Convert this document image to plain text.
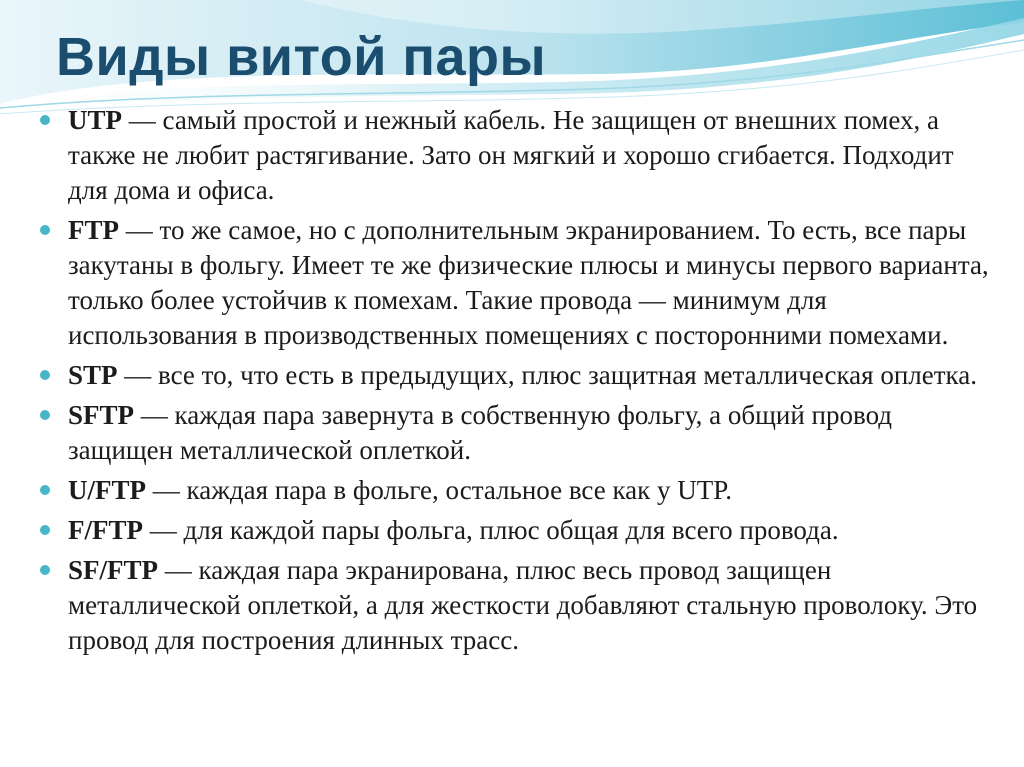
Виды витой пары
UTP — самый простой и нежный кабель. Не защищен от внешних помех, а также не любит растягивание. Зато он мягкий и хорошо сгибается. Подходит для дома и офиса.
FTP — то же самое, но с дополнительным экранированием. То есть, все пары закутаны в фольгу. Имеет те же физические плюсы и минусы первого варианта, только более устойчив к помехам. Такие провода — минимум для использования в производственных помещениях с посторонними помехами.
STP — все то, что есть в предыдущих, плюс защитная металлическая оплетка.
SFTP — каждая пара завернута в собственную фольгу, а общий провод защищен металлической оплеткой.
U/FTP — каждая пара в фольге, остальное все как у UTP.
F/FTP — для каждой пары фольга, плюс общая для всего провода.
SF/FTP — каждая пара экранирована, плюс весь провод защищен металлической оплеткой, а для жесткости добавляют стальную проволоку. Это провод для построения длинных трасс.
